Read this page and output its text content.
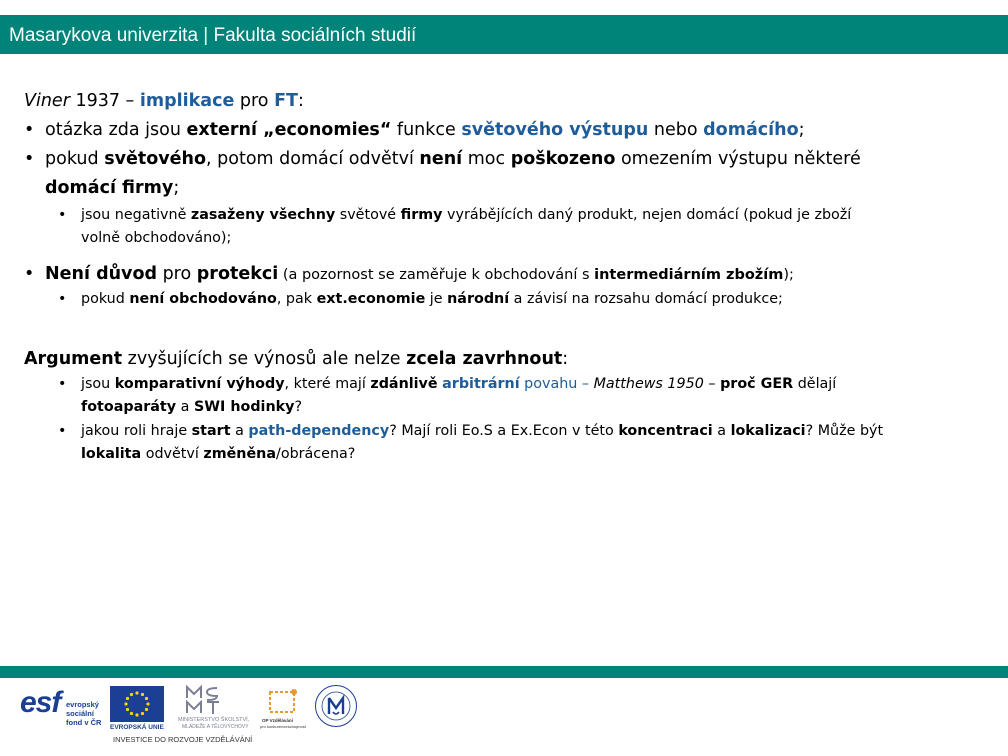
Masarykova univerzita | Fakulta sociálních studií
Viner 1937 – implikace pro FT:
• otázka zda jsou externí „economies“ funkce světového výstupu nebo domácího;
• pokud světového, potom domácí odvětví není moc poškozeno omezením výstupu některé
domácí firmy;
• jsou negativně zasaženy všechny světové firmy vyrábějících daný produkt, nejen domácí (pokud je zboží
volně obchodováno);
• Není důvod pro protekci (a pozornost se zaměřuje k obchodování s intermediárním zbožím);
• pokud není obchodováno, pak ext.economie je národní a závisí na rozsahu domácí produkce;
Argument zvyšujících se výnosů ale nelze zcela zavrhnout:
• jsou komparativní výhody, které mají zdánlivě arbitrární povahu – Matthews 1950 – proč GER dělají
fotoaparáty a SWI hodinky?
• jakou roli hraje start a path-dependency? Mají roli Eo.S a Ex.Econ v této koncentraci a lokalizaci? Může být
lokalita odvětví změněna/obrácena?
esf evropský
sociální
fond v ČR
EVROPSKÁ UNIE
MINISTERSTVO ŠKOLSTVÍ,
MLÁDEŽE A TĚLOVÝCHOVY
OP Vzdělávání
pro konkurenceschopnost
INVESTICE DO ROZVOJE VZDĚLÁVÁNÍ
